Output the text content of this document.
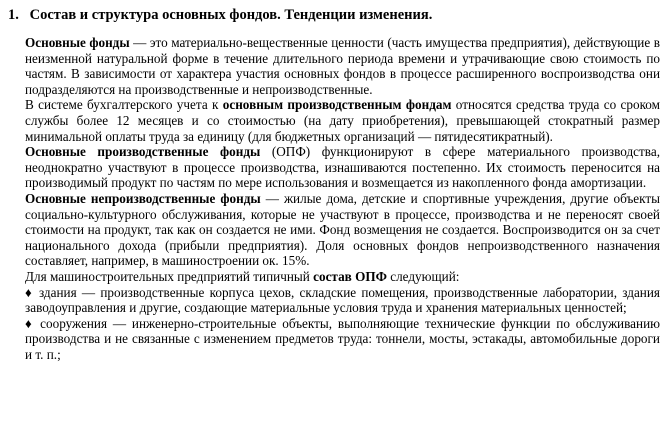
1. Состав и структура основных фондов. Тенденции изменения.

Основные фонды — это материально-вещественные ценности (часть имущества предприятия), действующие в неизменной натуральной форме в течение длительного периода времени и утрачивающие свою стоимость по частям. В зависимости от характера участия основных фондов в процессе расширенного воспроизводства они подразделяются на производственные и непроизводственные.

В системе бухгалтерского учета к основным производственным фондам относятся средства труда со сроком службы более 12 месяцев и со стоимостью (на дату приобретения), превышающей стократный размер минимальной оплаты труда за единицу (для бюджетных организаций — пятидесятикратный).

Основные производственные фонды (ОПФ) функционируют в сфере материального производства, неоднократно участвуют в процессе производства, изнашиваются постепенно. Их стоимость переносится на производимый продукт по частям по мере использования и возмещается из накопленного фонда амортизации.

Основные непроизводственные фонды — жилые дома, детские и спортивные учреждения, другие объекты социально-культурного обслуживания, которые не участвуют в процессе, производства и не переносят своей стоимости на продукт, так как он создается не ими. Фонд возмещения не создается. Воспроизводится он за счет национального дохода (прибыли предприятия). Доля основных фондов непроизводственного назначения составляет, например, в машиностроении ок. 15%.

Для машиностроительных предприятий типичный состав ОПФ следующий:

♦ здания — производственные корпуса цехов, складские помещения, производственные лаборатории, здания заводоуправления и другие, создающие материальные условия труда и хранения материальных ценностей;

♦ сооружения — инженерно-строительные объекты, выполняющие технические функции по обслуживанию производства и не связанные с изменением предметов труда: тоннели, мосты, эстакады, автомобильные дороги и т. п.;
